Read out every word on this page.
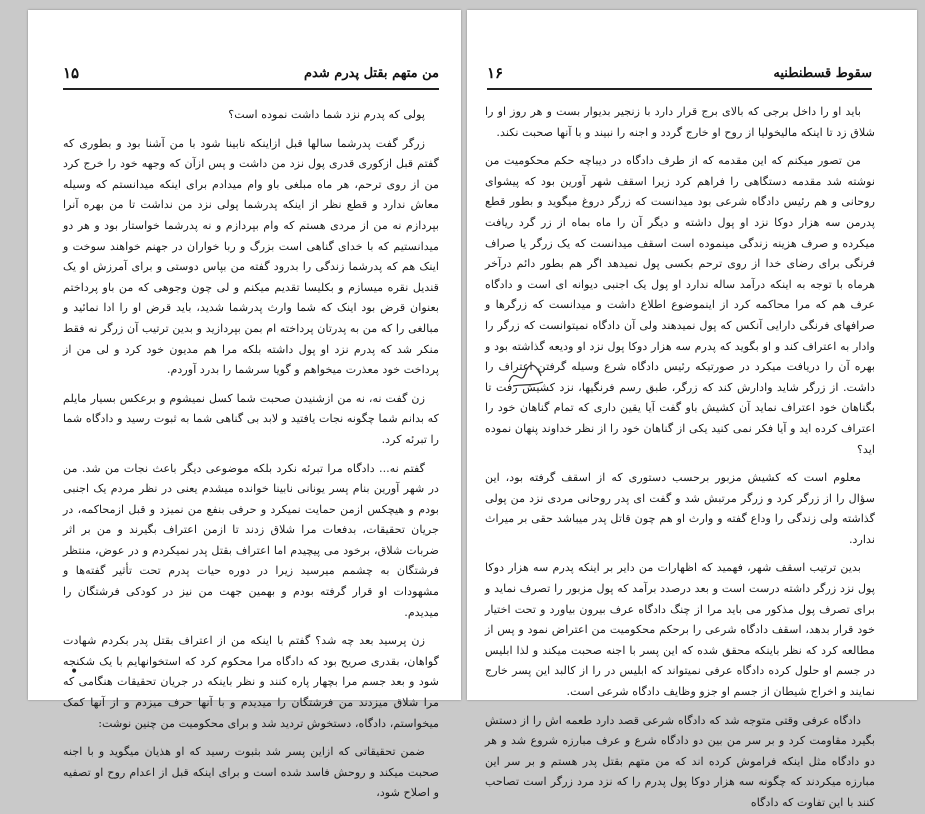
۱۵	من متهم بقتل پدرم شدم

پولی که پدرم نزد شما داشت نموده است؟

زرگر گفت پدرشما سالها قبل ازاینکه نابینا شود با من آشنا بود و بطوری که گفتم قبل ازکوری قدری پول نزد من داشت و پس ازآن که وجهه خود را خرج کرد من از روی ترحم، هر ماه مبلغی باو وام میدادم برای اینکه میدانستم که وسیله معاش ندارد و قطع نظر از اینکه پدرشما پولی نزد من نداشت تا من بهره آنرا بپردازم نه من از مردی هستم که وام بپردازم و نه پدرشما خواستار بود و هر دو میدانستیم که با خدای گناهی است بزرگ و ربا خواران در جهنم خواهند سوخت و اینک هم که پدرشما زندگی را بدرود گفته من بپاس دوستی و برای آمرزش او یک قندیل نقره میسازم و بکلیسا تقدیم میکنم و لی چون وجوهی که من باو پرداختم بعنوان قرض بود اینک که شما وارث پدرشما شدید، باید قرض او را ادا نمائید و مبالغی را که من به پدرتان پرداخته ام بمن بپردازید و بدین ترتیب آن زرگر نه فقط منکر شد که پدرم نزد او پول داشته بلکه مرا هم مدیون خود کرد و لی من از پرداخت خود معذرت میخواهم و گویا سرشما را بدرد آوردم.

زن گفت نه، نه من ازشنیدن صحبت شما کسل نمیشوم و برعکس بسیار مایلم که بدانم شما چگونه نجات یافتید و لابد بی گناهی شما به ثبوت رسید و دادگاه شما را تبرئه کرد.

گفتم نه... دادگاه مرا تبرئه نکرد بلکه موضوعی دیگر باعث نجات من شد. من در شهر آورین بنام پسر یونانی نابینا خوانده میشدم یعنی در نظر مردم یک اجنبی بودم و هیچکس ازمن حمایت نمیکرد و حرفی بنفع من نمیزد و قبل ازمحاکمه، در جریان تحقیقات، بدفعات مرا شلاق زدند تا ازمن اعتراف بگیرند و من بر اثر ضربات شلاق، برخود می پیچیدم اما اعتراف بقتل پدر نمیکردم و در عوض، منتظر فرشتگان به چشمم میرسید زیرا در دوره حیات پدرم تحت تأثیر گفته‌ها و مشهودات او قرار گرفته بودم و بهمین جهت من نیز در کودکی فرشتگان را میدیدم.

زن پرسید بعد چه شد؟ گفتم با اینکه من از اعتراف بقتل پدر بکردم شهادت گواهان، بقدری صریح بود که دادگاه مرا محکوم کرد که استخوانهایم با یک شکنجه شود و بعد جسم مرا بچهار پاره کنند و نظر باینکه در جریان تحقیقات هنگامی که مرا شلاق میزدند من فرشتگان را میدیدم و با آنها حرف میزدم و از آنها کمک میخواستم، دادگاه، دستخوش تردید شد و برای محکومیت من چنین نوشت:

ضمن تحقیقاتی که ازاین پسر شد بثبوت رسید که او هذیان میگوید و با اجنه صحبت میکند و روحش فاسد شده است و برای اینکه قبل از اعدام روح او تصفیه و اصلاح شود،

•
۱۶	سقوط قسطنطنیه

باید او را داخل برجی که بالای برج قرار دارد با زنجیر بدیوار بست و هر روز او را شلاق زد تا اینکه مالیخولیا از روح او خارج گردد و اجنه را نبیند و با آنها صحبت نکند.

من تصور میکنم که این مقدمه که از طرف دادگاه در دیباچه حکم محکومیت من نوشته شد مقدمه دستگاهی را فراهم کرد زیرا اسقف شهر آورین بود که پیشوای روحانی و هم رئیس دادگاه شرعی بود میدانست که زرگر دروغ میگوید و بطور قطع پدرمن سه هزار دوکا نزد او پول داشته و دیگر آن را ماه بماه از زر گرد ریافت میکرده و صرف هزینه زندگی مینموده است اسقف میدانست که یک زرگر یا صراف فرنگی برای رضای خدا از روی ترحم بکسی پول نمیدهد اگر هم بطور دائم درآخر هرماه با توجه به اینکه درآمد ساله ندارد او پول یک اجنبی دیوانه ای است و دادگاه عرف هم که مرا محاکمه کرد از اینموضوع اطلاع داشت و میدانست که زرگرها و صرافهای فرنگی دارایی آنکس که پول نمیدهند ولی آن دادگاه نمیتوانست که زرگر را وادار به اعتراف کند و او بگوید که پدرم سه هزار دوکا پول نزد او ودیعه گذاشته بود و بهره آن را دریافت میکرد در صورتیکه رئیس دادگاه شرع وسیله گرفتن اعتراف را داشت. از زرگر شاید وادارش کند که زرگر، طبق رسم فرنگیها، نزد کشیش رفت تا بگناهان خود اعتراف نماید آن کشیش باو گفت آیا یقین داری که تمام گناهان خود را اعتراف کرده اید و آیا فکر نمی کنید یکی از گناهان خود را از نظر خداوند پنهان نموده اید؟

معلوم است که کشیش مزبور برحسب دستوری که از اسقف گرفته بود، این سؤال را از زرگر کرد و زرگر مرتبش شد و گفت ای پدر روحانی مردی نزد من پولی گذاشته ولی زندگی را وداع گفته و وارث او هم چون قاتل پدر میباشد حقی بر میراث ندارد.

بدین ترتیب اسقف شهر، فهمید که اظهارات من دایر بر اینکه پدرم سه هزار دوکا پول نزد زرگر داشته درست است و بعد درصدد برآمد که پول مزبور را تصرف نماید و برای تصرف پول مذکور می باید مرا از چنگ دادگاه عرف بیرون بیاورد و تحت اختیار خود قرار بدهد، اسقف دادگاه شرعی را برحکم محکومیت من اعتراض نمود و پس از مطالعه کرد که نظر باینکه محقق شده که این پسر با اجنه صحبت میکند و لذا ابلیس در جسم او حلول کرده دادگاه عرفی نمیتواند که ابلیس در را از کالبد این پسر خارج نمایند و اخراج شیطان از جسم او جزو وظایف دادگاه شرعی است.

دادگاه عرفی وقتی متوجه شد که دادگاه شرعی قصد دارد طعمه اش را از دستش بگیرد مقاومت کرد و بر سر من بین دو دادگاه شرع و عرف مبارزه شروع شد و هر دو دادگاه مثل اینکه فراموش کرده اند که من متهم بقتل پدر هستم و بر سر این مبارزه میکردند که چگونه سه هزار دوکا پول پدرم را که نزد مرد زرگر است تصاحب کنند با این تفاوت که دادگاه
